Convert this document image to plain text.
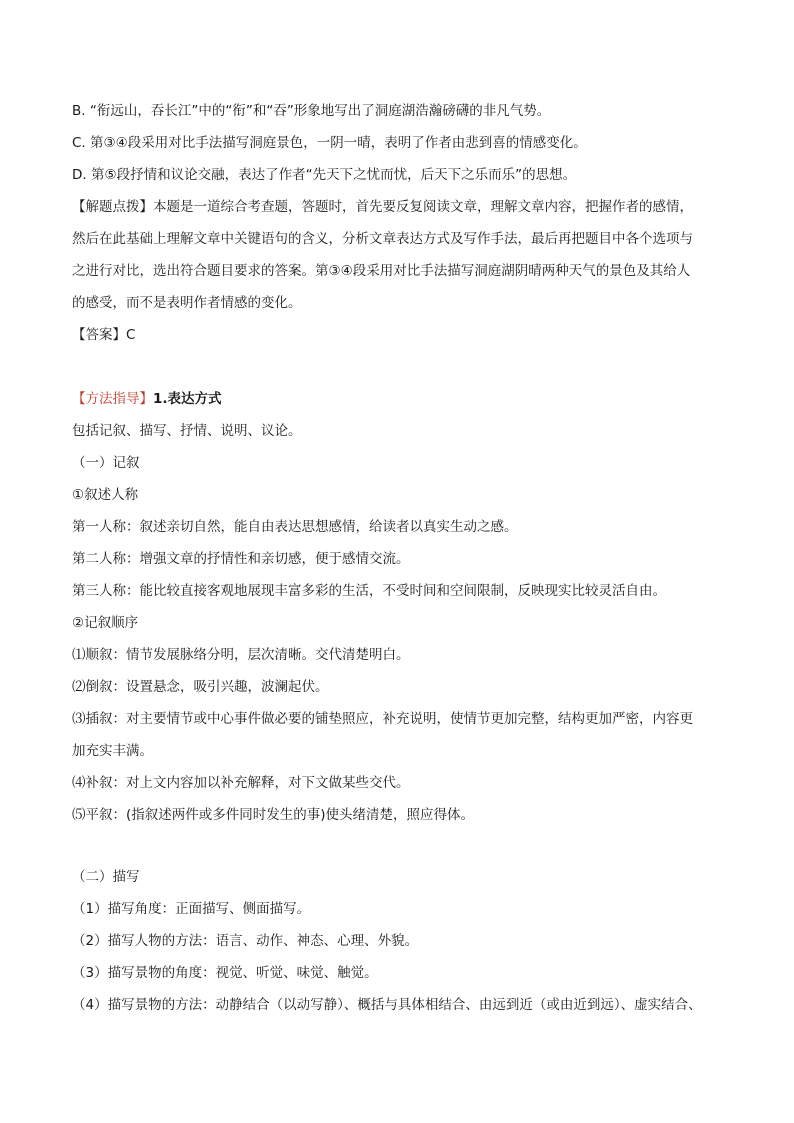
B. “衔远山，吞长江”中的“衔”和“吞”形象地写出了洞庭湖浩瀚磅礴的非凡气势。
C. 第③④段采用对比手法描写洞庭景色，一阴一晴，表明了作者由悲到喜的情感变化。
D. 第⑤段抒情和议论交融，表达了作者“先天下之忧而忧，后天下之乐而乐”的思想。
【解题点拨】本题是一道综合考查题，答题时，首先要反复阅读文章，理解文章内容，把握作者的感情，
然后在此基础上理解文章中关键语句的含义，分析文章表达方式及写作手法，最后再把题目中各个选项与
之进行对比，选出符合题目要求的答案。第③④段采用对比手法描写洞庭湖阴晴两种天气的景色及其给人
的感受，而不是表明作者情感的变化。
【答案】C
【方法指导】1.表达方式
包括记叙、描写、抒情、说明、议论。
（一）记叙
①叙述人称
第一人称：叙述亲切自然，能自由表达思想感情，给读者以真实生动之感。
第二人称：增强文章的抒情性和亲切感，便于感情交流。
第三人称：能比较直接客观地展现丰富多彩的生活，不受时间和空间限制，反映现实比较灵活自由。
②记叙顺序
⑴顺叙：情节发展脉络分明，层次清晰。交代清楚明白。
⑵倒叙：设置悬念，吸引兴趣，波澜起伏。
⑶插叙：对主要情节或中心事件做必要的铺垫照应，补充说明，使情节更加完整，结构更加严密，内容更
加充实丰满。
⑷补叙：对上文内容加以补充解释，对下文做某些交代。
⑸平叙：(指叙述两件或多件同时发生的事)使头绪清楚，照应得体。
（二）描写
（1）描写角度：正面描写、侧面描写。
（2）描写人物的方法：语言、动作、神态、心理、外貌。
（3）描写景物的角度：视觉、听觉、味觉、触觉。
（4）描写景物的方法：动静结合（以动写静）、概括与具体相结合、由远到近（或由近到远）、虚实结合、
